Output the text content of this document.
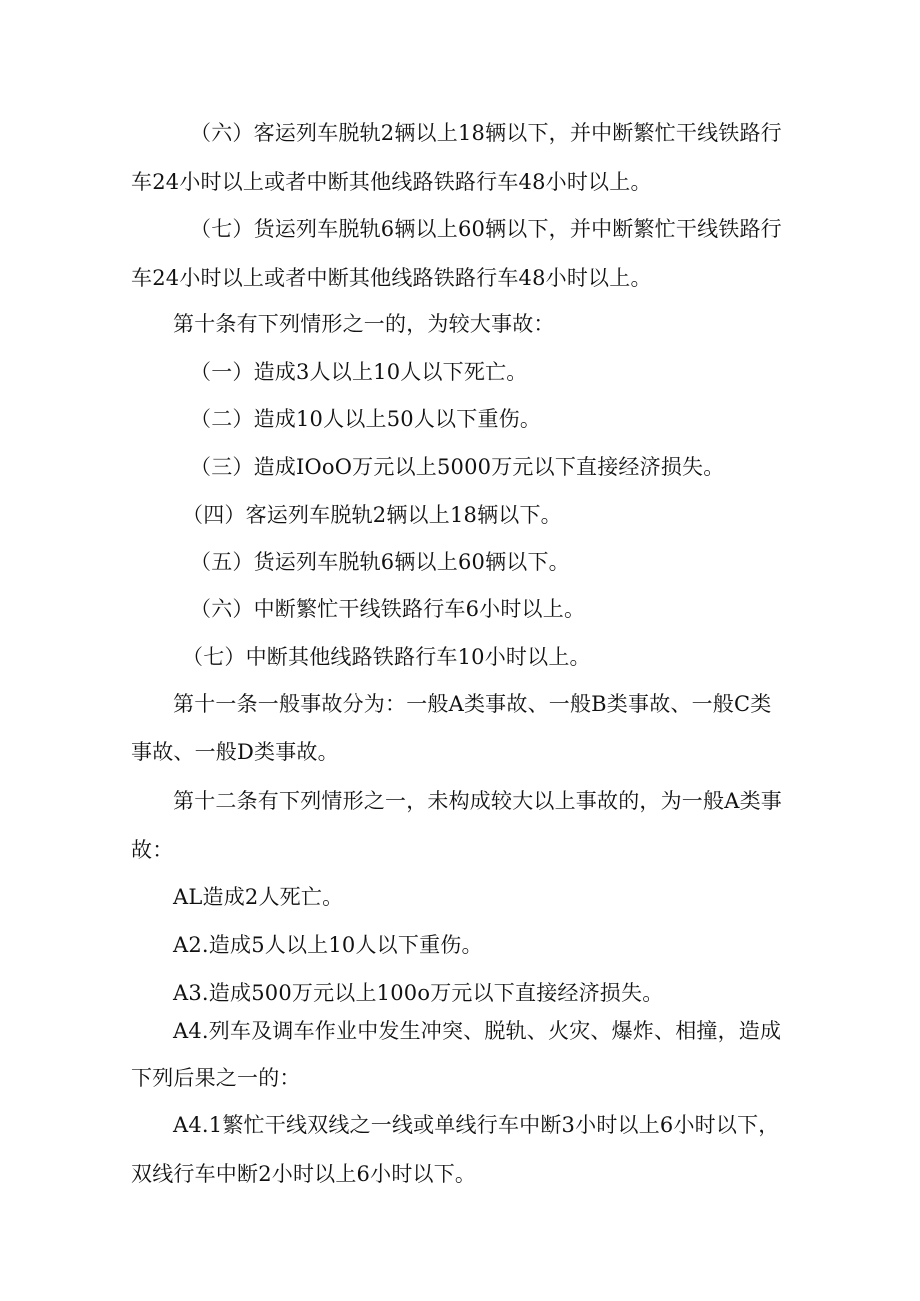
（六）客运列车脱轨2辆以上18辆以下，并中断繁忙干线铁路行
车24小时以上或者中断其他线路铁路行车48小时以上。
（七）货运列车脱轨6辆以上60辆以下，并中断繁忙干线铁路行
车24小时以上或者中断其他线路铁路行车48小时以上。
第十条有下列情形之一的，为较大事故：
（一）造成3人以上10人以下死亡。
（二）造成10人以上50人以下重伤。
（三）造成IOoO万元以上5000万元以下直接经济损失。
（四）客运列车脱轨2辆以上18辆以下。
（五）货运列车脱轨6辆以上60辆以下。
（六）中断繁忙干线铁路行车6小时以上。
（七）中断其他线路铁路行车10小时以上。
第十一条一般事故分为：一般A类事故、一般B类事故、一般C类
事故、一般D类事故。
第十二条有下列情形之一，未构成较大以上事故的，为一般A类事
故：
AL造成2人死亡。
A2.造成5人以上10人以下重伤。
A3.造成500万元以上100o万元以下直接经济损失。
A4.列车及调车作业中发生冲突、脱轨、火灾、爆炸、相撞，造成
下列后果之一的：
A4.1繁忙干线双线之一线或单线行车中断3小时以上6小时以下，
双线行车中断2小时以上6小时以下。
